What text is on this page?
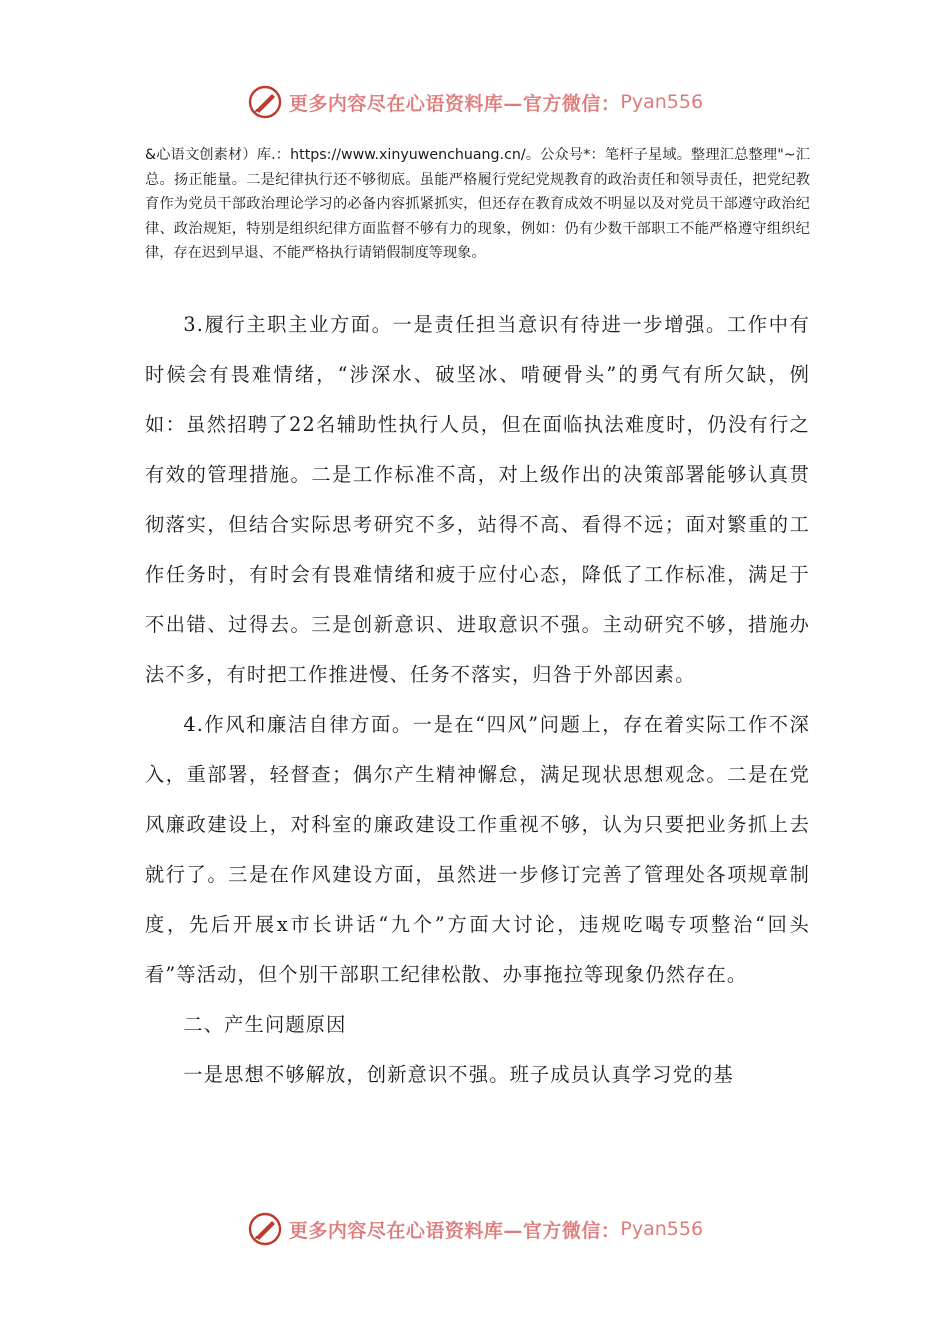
更多内容尽在心语资料库—官方微信： Pyan556

&心语文创素材）库.：https://www.xinyuwenchuang.cn/。公众号*：笔杆子星域。整理汇总整理"~汇总。扬正能量。二是纪律执行还不够彻底。虽能严格履行党纪党规教育的政治责任和领导责任，把党纪教育作为党员干部政治理论学习的必备内容抓紧抓实，但还存在教育成效不明显以及对党员干部遵守政治纪律、政治规矩，特别是组织纪律方面监督不够有力的现象，例如：仍有少数干部职工不能严格遵守组织纪律，存在迟到早退、不能严格执行请销假制度等现象。

3.履行主职主业方面。一是责任担当意识有待进一步增强。工作中有时候会有畏难情绪，“涉深水、破坚冰、啃硬骨头”的勇气有所欠缺，例如：虽然招聘了22名辅助性执行人员，但在面临执法难度时，仍没有行之有效的管理措施。二是工作标准不高，对上级作出的决策部署能够认真贯彻落实，但结合实际思考研究不多，站得不高、看得不远；面对繁重的工作任务时，有时会有畏难情绪和疲于应付心态，降低了工作标准，满足于不出错、过得去。三是创新意识、进取意识不强。主动研究不够，措施办法不多，有时把工作推进慢、任务不落实，归咎于外部因素。

4.作风和廉洁自律方面。一是在“四风”问题上，存在着实际工作不深入，重部署，轻督查；偶尔产生精神懈怠，满足现状思想观念。二是在党风廉政建设上，对科室的廉政建设工作重视不够，认为只要把业务抓上去就行了。三是在作风建设方面，虽然进一步修订完善了管理处各项规章制度，先后开展x市长讲话“九个”方面大讨论，违规吃喝专项整治“回头看”等活动，但个别干部职工纪律松散、办事拖拉等现象仍然存在。

二、产生问题原因

一是思想不够解放，创新意识不强。班子成员认真学习党的基

更多内容尽在心语资料库—官方微信： Pyan556
